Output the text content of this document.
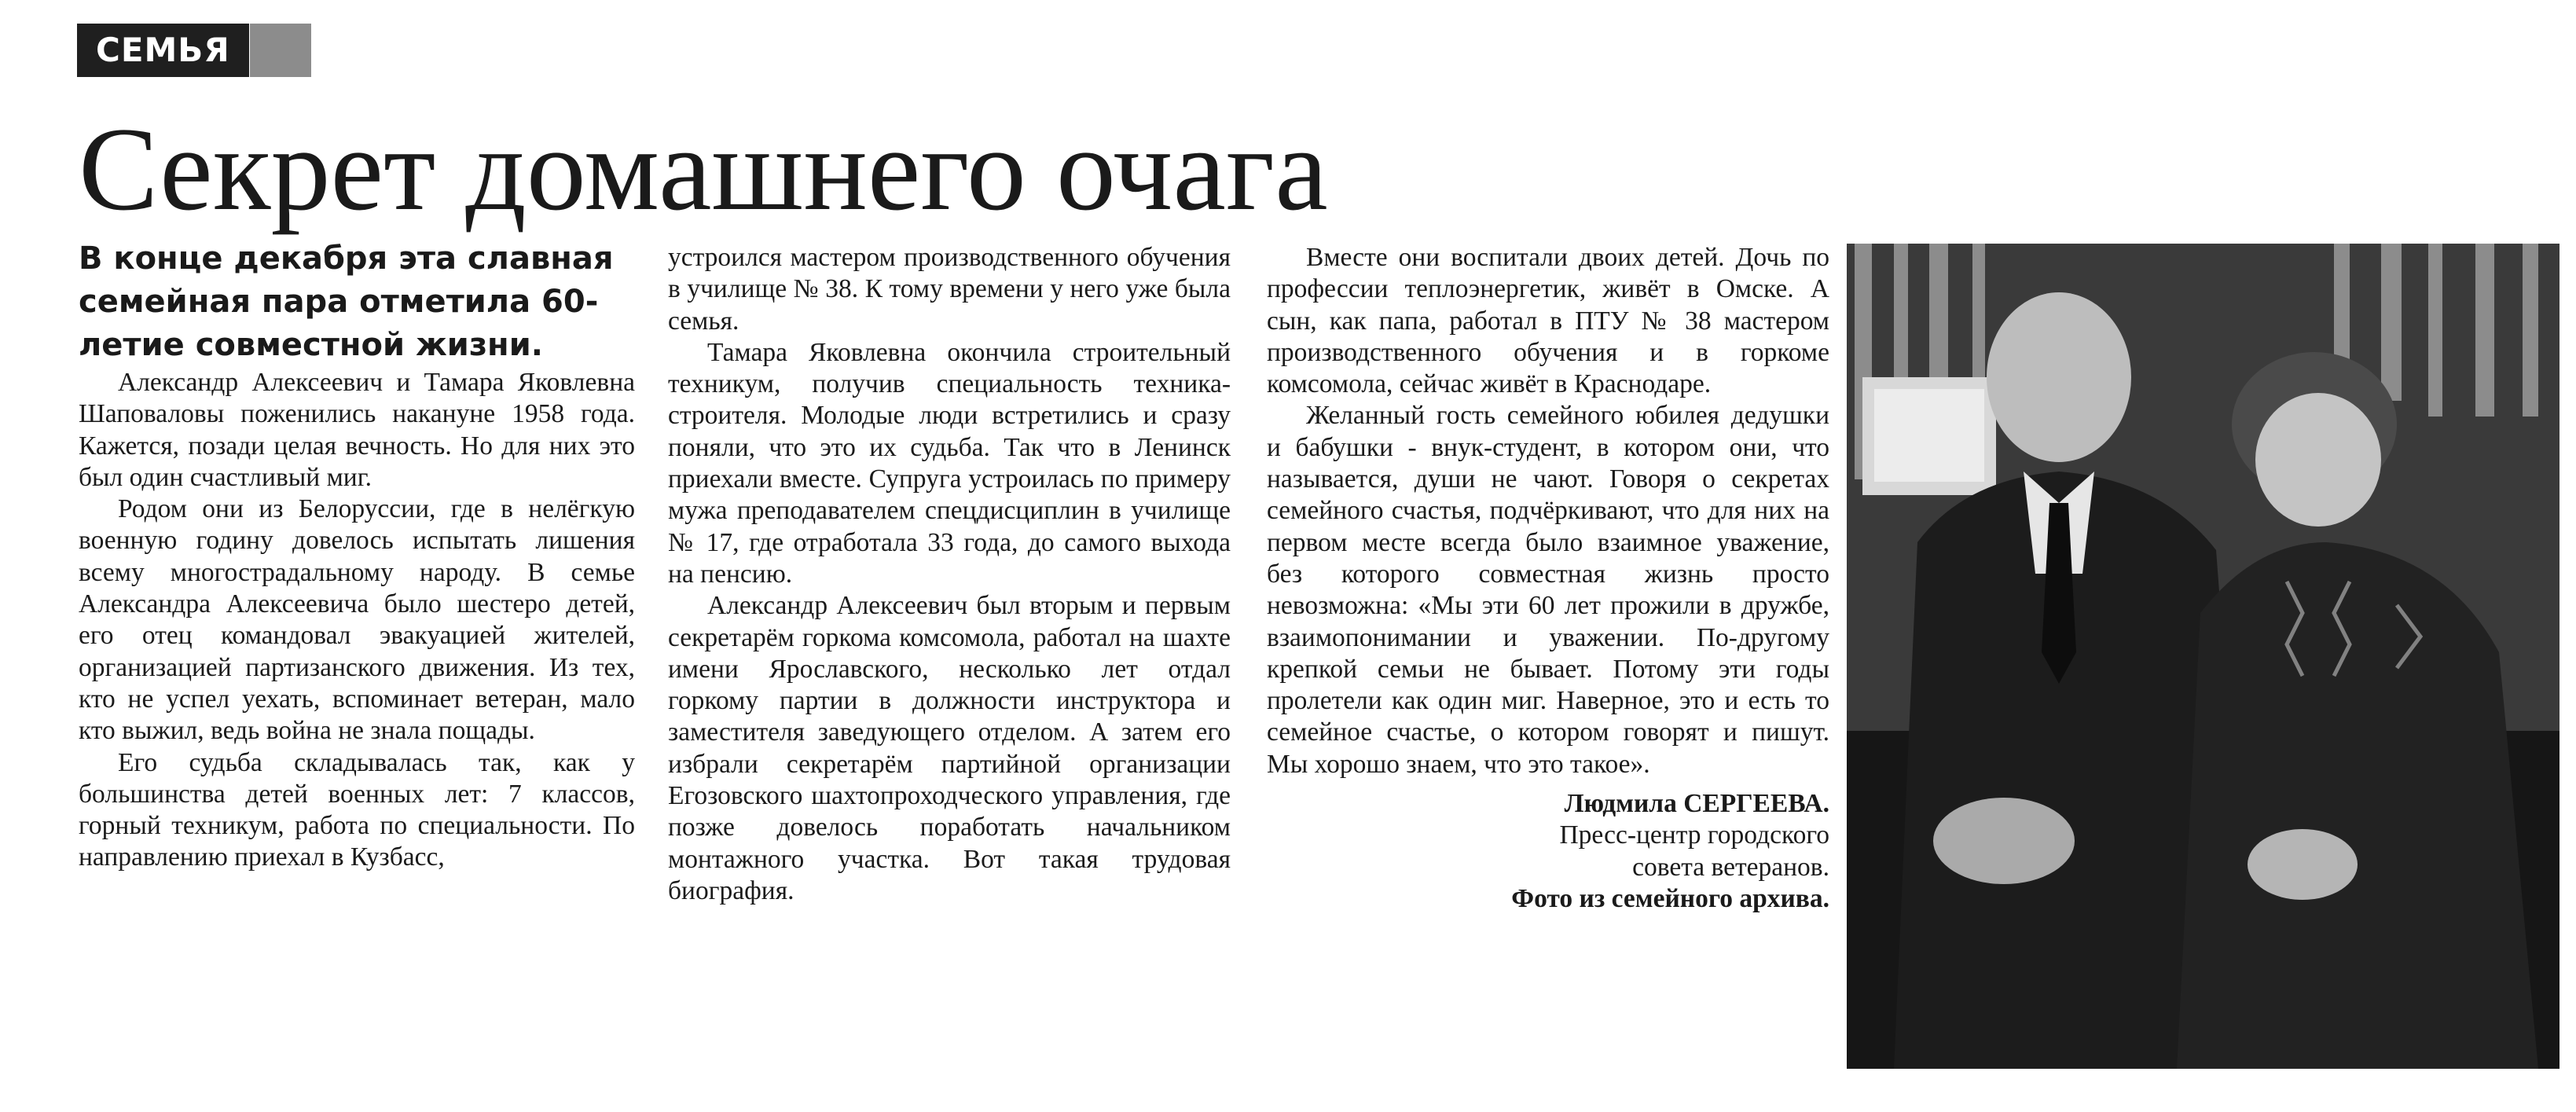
СЕМЬЯ
Секрет домашнего очага

В конце декабря эта славная семейная пара отметила 60-летие совместной жизни.

Александр Алексеевич и Тамара Яковлевна Шаповаловы поженились накануне 1958 года. Кажется, позади целая вечность. Но для них это был один счастливый миг.

Родом они из Белоруссии, где в нелёгкую военную годину довелось испытать лишения всему многострадальному народу. В семье Александра Алексеевича было шестеро детей, его отец командовал эвакуацией жителей, организацией партизанского движения. Из тех, кто не успел уехать, вспоминает ветеран, мало кто выжил, ведь война не знала пощады.

Его судьба складывалась так, как у большинства детей военных лет: 7 классов, горный техникум, работа по специальности. По направлению приехал в Кузбасс,

устроился мастером производственного обучения в училище № 38. К тому времени у него уже была семья.

Тамара Яковлевна окончила строительный техникум, получив специальность техника-строителя. Молодые люди встретились и сразу поняли, что это их судьба. Так что в Ленинск приехали вместе. Супруга устроилась по примеру мужа преподавателем спецдисциплин в училище № 17, где отработала 33 года, до самого выхода на пенсию.

Александр Алексеевич был вторым и первым секретарём горкома комсомола, работал на шахте имени Ярославского, несколько лет отдал горкому партии в должности инструктора и заместителя заведующего отделом. А затем его избрали секретарём партийной организации Егозовского шахтопроходческого управления, где позже довелось поработать начальником монтажного участка. Вот такая трудовая биография.

Вместе они воспитали двоих детей. Дочь по профессии теплоэнергетик, живёт в Омске. А сын, как папа, работал в ПТУ № 38 мастером производственного обучения и в горкоме комсомола, сейчас живёт в Краснодаре.

Желанный гость семейного юбилея дедушки и бабушки - внук-студент, в котором они, что называется, души не чают. Говоря о секретах семейного счастья, подчёркивают, что для них на первом месте всегда было взаимное уважение, без которого совместная жизнь просто невозможна: «Мы эти 60 лет прожили в дружбе, взаимопонимании и уважении. По-другому крепкой семьи не бывает. Потому эти годы пролетели как один миг. Наверное, это и есть то семейное счастье, о котором говорят и пишут. Мы хорошо знаем, что это такое».

Людмила СЕРГЕЕВА.
Пресс-центр городского
совета ветеранов.
Фото из семейного архива.
